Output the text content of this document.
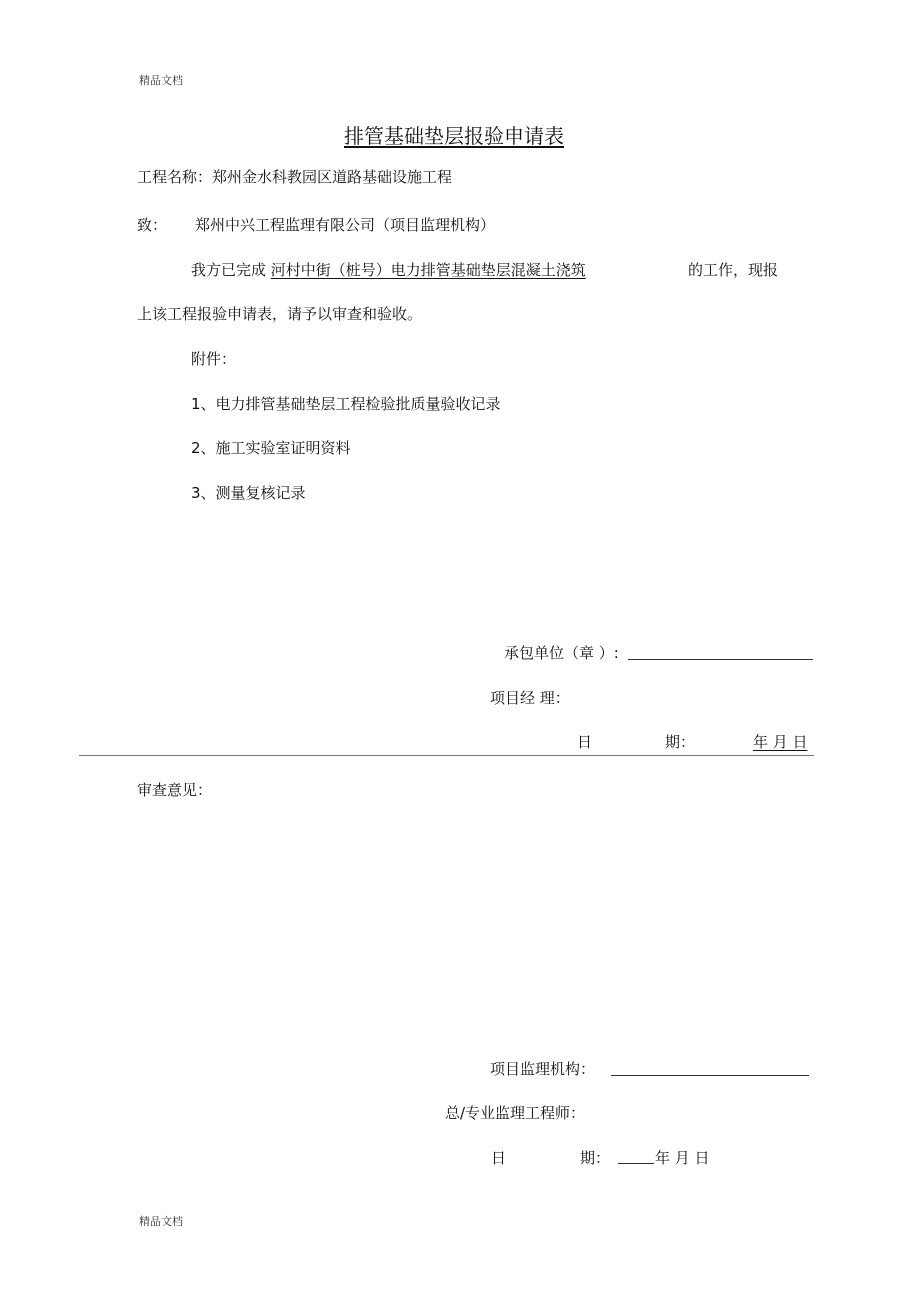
精品文档
排管基础垫层报验申请表
工程名称：郑州金水科教园区道路基础设施工程
致： 郑州中兴工程监理有限公司（项目监理机构）
我方已完成 河村中街（桩号）电力排管基础垫层混凝土浇筑	的工作，现报
上该工程报验申请表，请予以审查和验收。
附件：
1、电力排管基础垫层工程检验批质量验收记录
2、施工实验室证明资料
3、测量复核记录
承包单位（章 ）:
项目经 理：
日	期：	年 月 日
审查意见：
项目监理机构：
总/专业监理工程师：
日	期：	年 月 日
精品文档
